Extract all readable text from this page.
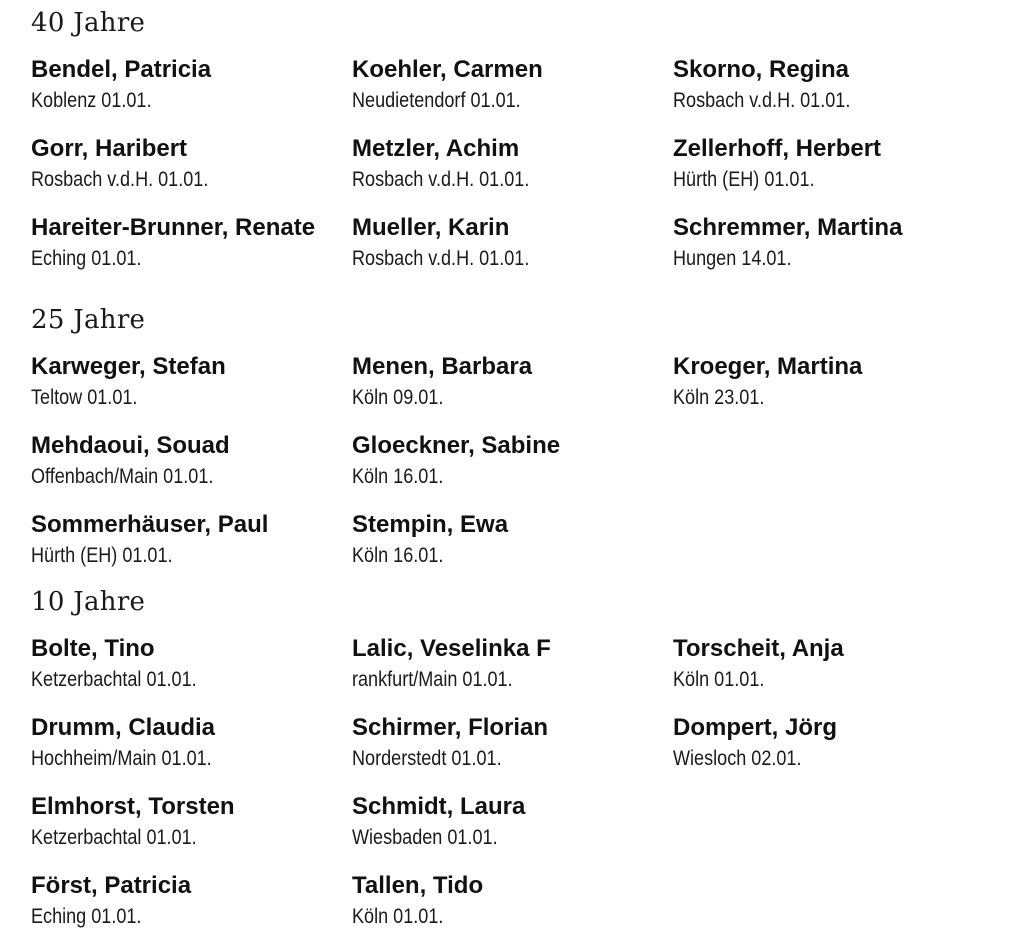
40 Jahre
Bendel, Patricia
Koblenz 01.01.
Gorr, Haribert
Rosbach v.d.H. 01.01.
Hareiter-Brunner, Renate
Eching 01.01.
Koehler, Carmen
Neudietendorf 01.01.
Metzler, Achim
Rosbach v.d.H. 01.01.
Mueller, Karin
Rosbach v.d.H. 01.01.
Skorno, Regina
Rosbach v.d.H. 01.01.
Zellerhoff, Herbert
Hürth (EH) 01.01.
Schremmer, Martina
Hungen 14.01.
25 Jahre
Karweger, Stefan
Teltow 01.01.
Mehdaoui, Souad
Offenbach/Main 01.01.
Sommerhäuser, Paul
Hürth (EH) 01.01.
Menen, Barbara
Köln 09.01.
Gloeckner, Sabine
Köln 16.01.
Stempin, Ewa
Köln 16.01.
Kroeger, Martina
Köln 23.01.
10 Jahre
Bolte, Tino
Ketzerbachtal 01.01.
Drumm, Claudia
Hochheim/Main 01.01.
Elmhorst, Torsten
Ketzerbachtal 01.01.
Först, Patricia
Eching 01.01.
Lalic, Veselinka F
rankfurt/Main 01.01.
Schirmer, Florian
Norderstedt 01.01.
Schmidt, Laura
Wiesbaden 01.01.
Tallen, Tido
Köln 01.01.
Torscheit, Anja
Köln 01.01.
Dompert, Jörg
Wiesloch 02.01.
